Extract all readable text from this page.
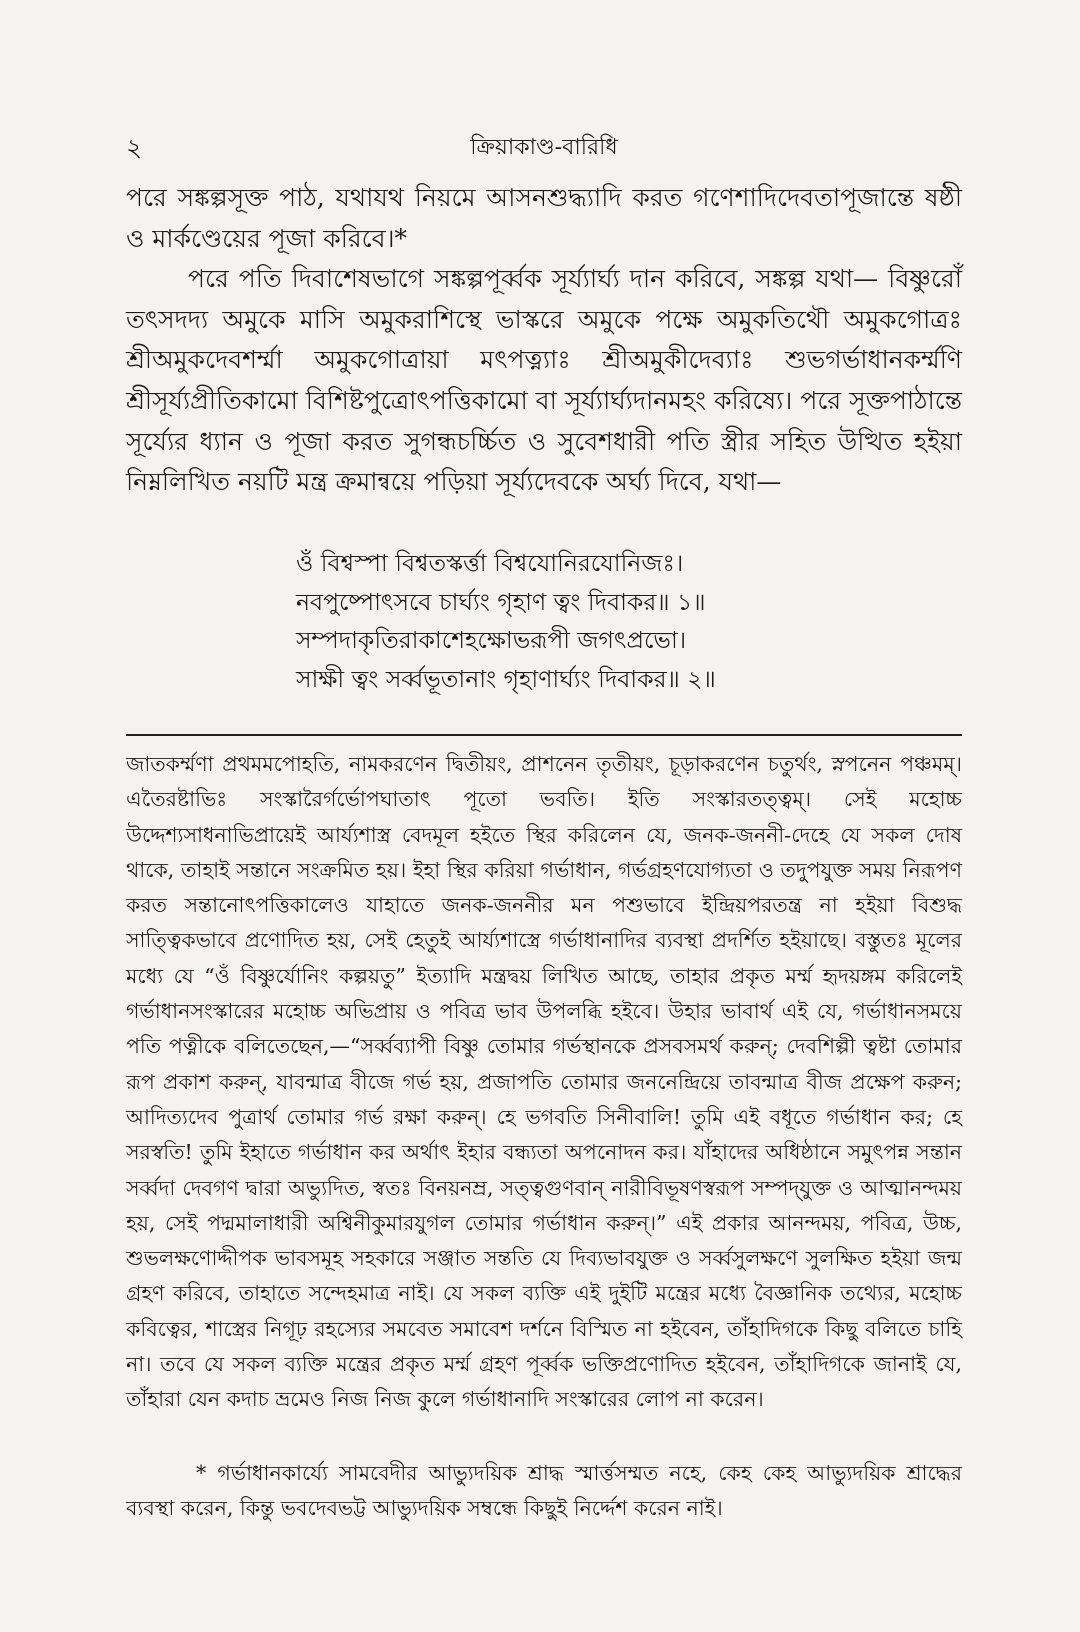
২	ক্রিয়াকাণ্ড-বারিধি

পরে সঙ্কল্পসূক্ত পাঠ, যথাযথ নিয়মে আসনশুদ্ধ্যাদি করত গণেশাদিদেবতাপূজান্তে ষষ্ঠী ও মার্কণ্ডেয়ের পূজা করিবে।*

পরে পতি দিবাশেষভাগে সঙ্কল্পপূর্ব্বক সূর্য্যার্ঘ্য দান করিবে, সঙ্কল্প যথা— বিষ্ণুরোঁ তৎসদদ্য অমুকে মাসি অমুকরাশিস্থে ভাস্করে অমুকে পক্ষে অমুকতিথৌ অমুকগোত্রঃ শ্রীঅমুকদেবশর্ম্মা অমুকগোত্রায়া মৎপত্ন্যাঃ শ্রীঅমুকীদেব্যাঃ শুভগর্ভাধানকর্ম্মণি শ্রীসূর্য্যপ্রীতিকামো বিশিষ্টপুত্রোৎপত্তিকামো বা সূর্য্যার্ঘ্যদানমহং করিষ্যে। পরে সূক্তপাঠান্তে সূর্য্যের ধ্যান ও পূজা করত সুগন্ধচর্চ্চিত ও সুবেশধারী পতি স্ত্রীর সহিত উত্থিত হইয়া নিম্নলিখিত নয়টি মন্ত্র ক্রমান্বয়ে পড়িয়া সূর্য্যদেবকে অর্ঘ্য দিবে, যথা—

ওঁ বিশ্বস্পা বিশ্বতস্কর্ত্তা বিশ্বযোনিরযোনিজঃ।
নবপুষ্পোৎসবে চার্ঘ্যং গৃহাণ ত্বং দিবাকর॥ ১॥
সম্পদাকৃতিরাকাশেহক্ষোভরূপী জগৎপ্রভো।
সাক্ষী ত্বং সর্ব্বভূতানাং গৃহাণার্ঘ্যং দিবাকর॥ ২॥

জাতকর্ম্মণা প্রথমমপোহতি, নামকরণেন দ্বিতীয়ং, প্রাশনেন তৃতীয়ং, চূড়াকরণেন চতুর্থং, স্নপনেন পঞ্চমম্। এতৈরষ্টাভিঃ সংস্কারৈর্গর্ভোপঘাতাৎ পূতো ভবতি। ইতি সংস্কারতত্ত্বম্। সেই মহোচ্চ উদ্দেশ্যসাধনাভিপ্রায়েই আর্য্যশাস্ত্র বেদমূল হইতে স্থির করিলেন যে, জনক-জননী-দেহে যে সকল দোষ থাকে, তাহাই সন্তানে সংক্রমিত হয়। ইহা স্থির করিয়া গর্ভাধান, গর্ভগ্রহণযোগ্যতা ও তদুপযুক্ত সময় নিরূপণ করত সন্তানোৎপত্তিকালেও যাহাতে জনক-জননীর মন পশুভাবে ইন্দ্রিয়পরতন্ত্র না হইয়া বিশুদ্ধ সাত্ত্বিকভাবে প্রণোদিত হয়, সেই হেতুই আর্য্যশাস্ত্রে গর্ভাধানাদির ব্যবস্থা প্রদর্শিত হইয়াছে। বস্তুতঃ মূলের মধ্যে যে “ওঁ বিষ্ণুর্যোনিং কল্পয়তু” ইত্যাদি মন্ত্রদ্বয় লিখিত আছে, তাহার প্রকৃত মর্ম্ম হৃদয়ঙ্গম করিলেই গর্ভাধানসংস্কারের মহোচ্চ অভিপ্রায় ও পবিত্র ভাব উপলব্ধি হইবে। উহার ভাবার্থ এই যে, গর্ভাধানসময়ে পতি পত্নীকে বলিতেছেন,—“সর্ব্বব্যাপী বিষ্ণু তোমার গর্ভস্থানকে প্রসবসমর্থ করুন্; দেবশিল্পী ত্বষ্টা তোমার রূপ প্রকাশ করুন্, যাবন্মাত্র বীজে গর্ভ হয়, প্রজাপতি তোমার জননেন্দ্রিয়ে তাবন্মাত্র বীজ প্রক্ষেপ করুন; আদিত্যদেব পুত্রার্থ তোমার গর্ভ রক্ষা করুন্। হে ভগবতি সিনীবালি! তুমি এই বধূতে গর্ভাধান কর; হে সরস্বতি! তুমি ইহাতে গর্ভাধান কর অর্থাৎ ইহার বন্ধ্যতা অপনোদন কর। যাঁহাদের অধিষ্ঠানে সমুৎপন্ন সন্তান সর্ব্বদা দেবগণ দ্বারা অভ্যুদিত, স্বতঃ বিনয়নম্র, সত্ত্বগুণবান্ নারীবিভূষণস্বরূপ সম্পদ্‌যুক্ত ও আত্মানন্দময় হয়, সেই পদ্মমালাধারী অশ্বিনীকুমারযুগল তোমার গর্ভাধান করুন্।” এই প্রকার আনন্দময়, পবিত্র, উচ্চ, শুভলক্ষণোদ্দীপক ভাবসমূহ সহকারে সঞ্জাত সন্ততি যে দিব্যভাবযুক্ত ও সর্ব্বসুলক্ষণে সুলক্ষিত হইয়া জন্ম গ্রহণ করিবে, তাহাতে সন্দেহমাত্র নাই। যে সকল ব্যক্তি এই দুইটি মন্ত্রের মধ্যে বৈজ্ঞানিক তথ্যের, মহোচ্চ কবিত্বের, শাস্ত্রের নিগূঢ় রহস্যের সমবেত সমাবেশ দর্শনে বিস্মিত না হইবেন, তাঁহাদিগকে কিছু বলিতে চাহি না। তবে যে সকল ব্যক্তি মন্ত্রের প্রকৃত মর্ম্ম গ্রহণ পূর্ব্বক ভক্তিপ্রণোদিত হইবেন, তাঁহাদিগকে জানাই যে, তাঁহারা যেন কদাচ ভ্রমেও নিজ নিজ কুলে গর্ভাধানাদি সংস্কারের লোপ না করেন।

* গর্ভাধানকার্য্যে সামবেদীর আভ্যুদয়িক শ্রাদ্ধ স্মার্ত্তসম্মত নহে, কেহ কেহ আভ্যুদয়িক শ্রাদ্ধের ব্যবস্থা করেন, কিন্তু ভবদেবভট্ট আভ্যুদয়িক সম্বন্ধে কিছুই নির্দ্দেশ করেন নাই।
